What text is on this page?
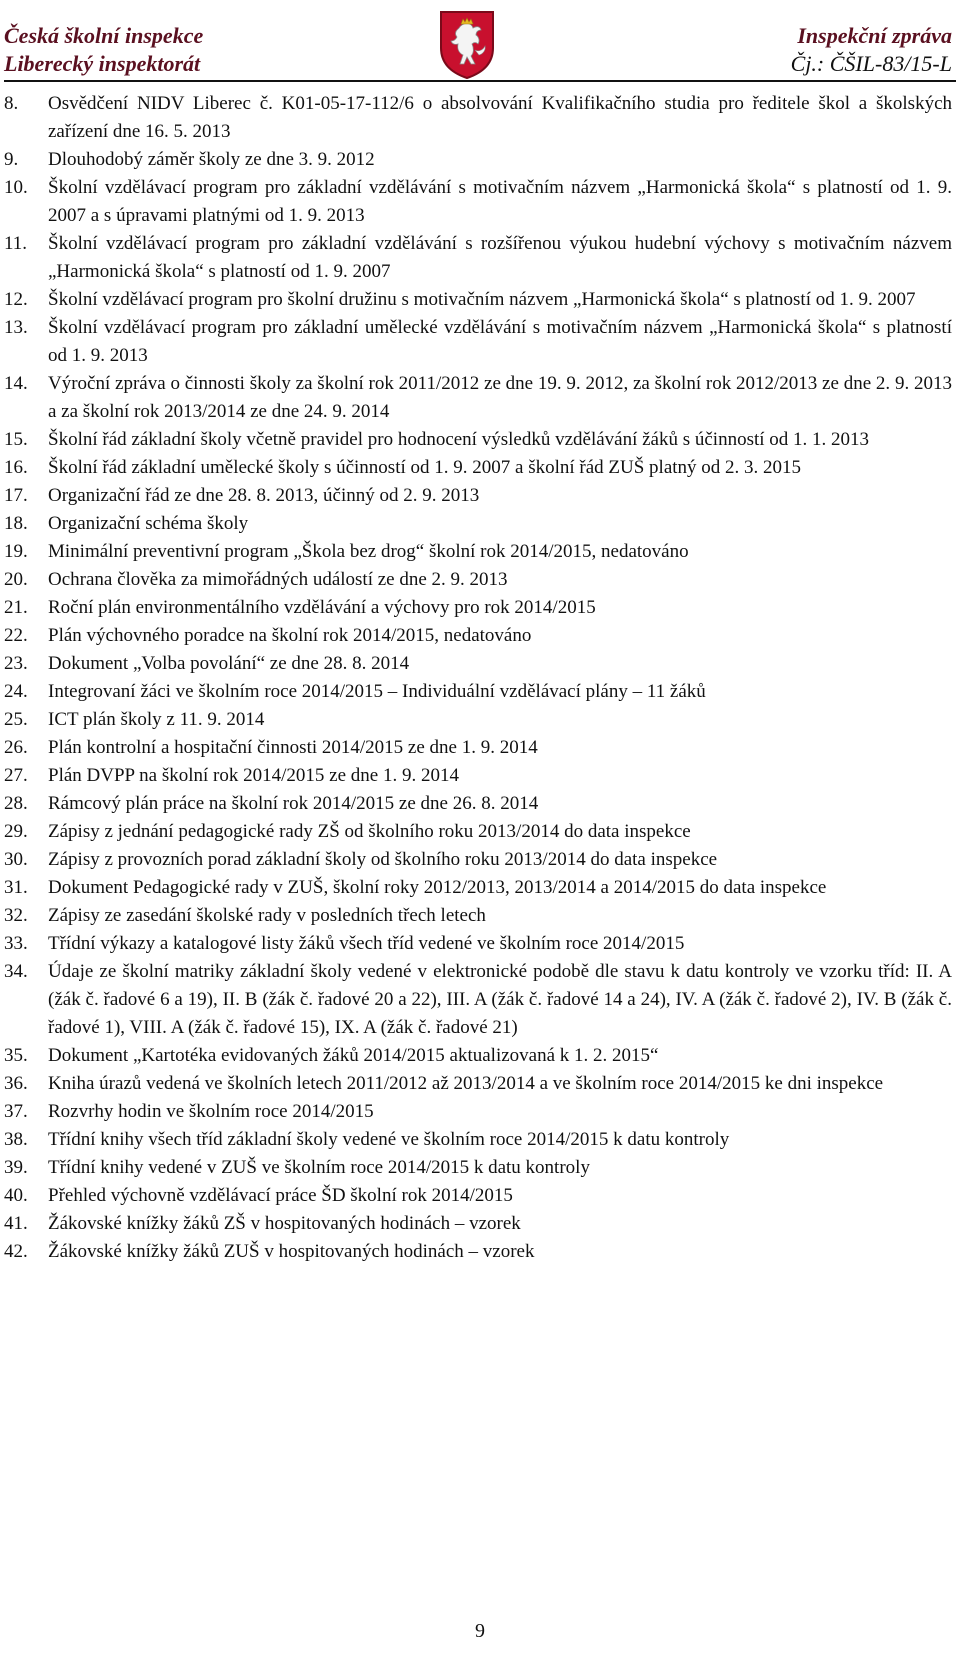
Česká školní inspekce
Liberecký inspektorát
Inspekční zpráva
Čj.: ČŠIL-83/15-L
8.	Osvědčení NIDV Liberec č. K01-05-17-112/6 o absolvování Kvalifikačního studia pro ředitele škol a školských zařízení dne 16. 5. 2013
9.	Dlouhodobý záměr školy ze dne 3. 9. 2012
10.	Školní vzdělávací program pro základní vzdělávání s motivačním názvem „Harmonická škola“ s platností od 1. 9. 2007 a s úpravami platnými od 1. 9. 2013
11.	Školní vzdělávací program pro základní vzdělávání s rozšířenou výukou hudební výchovy s motivačním názvem „Harmonická škola“ s platností od 1. 9. 2007
12.	Školní vzdělávací program pro školní družinu s motivačním názvem „Harmonická škola“ s platností od 1. 9. 2007
13.	Školní vzdělávací program pro základní umělecké vzdělávání s motivačním názvem „Harmonická škola“ s platností od 1. 9. 2013
14.	Výroční zpráva o činnosti školy za školní rok 2011/2012 ze dne 19. 9. 2012, za školní rok 2012/2013 ze dne 2. 9. 2013 a za školní rok 2013/2014 ze dne 24. 9. 2014
15.	Školní řád základní školy včetně pravidel pro hodnocení výsledků vzdělávání žáků s účinností od 1. 1. 2013
16.	Školní řád základní umělecké školy s účinností od 1. 9. 2007 a školní řád ZUŠ platný od 2. 3. 2015
17.	Organizační řád ze dne 28. 8. 2013, účinný od 2. 9. 2013
18.	Organizační schéma školy
19.	Minimální preventivní program „Škola bez drog“ školní rok 2014/2015, nedatováno
20.	Ochrana člověka za mimořádných událostí ze dne 2. 9. 2013
21.	Roční plán environmentálního vzdělávání a výchovy pro rok 2014/2015
22.	Plán výchovného poradce na školní rok 2014/2015, nedatováno
23.	Dokument „Volba povolání“ ze dne 28. 8. 2014
24.	Integrovaní žáci ve školním roce 2014/2015 – Individuální vzdělávací plány – 11 žáků
25.	ICT plán školy z 11. 9. 2014
26.	Plán kontrolní a hospitační činnosti 2014/2015 ze dne 1. 9. 2014
27.	Plán DVPP na školní rok 2014/2015 ze dne 1. 9. 2014
28.	Rámcový plán práce na školní rok 2014/2015 ze dne 26. 8. 2014
29.	Zápisy z jednání pedagogické rady ZŠ od školního roku 2013/2014 do data inspekce
30.	Zápisy z provozních porad základní školy od školního roku 2013/2014 do data inspekce
31.	Dokument Pedagogické rady v ZUŠ, školní roky 2012/2013, 2013/2014 a 2014/2015 do data inspekce
32.	Zápisy ze zasedání školské rady v posledních třech letech
33.	Třídní výkazy a katalogové listy žáků všech tříd vedené ve školním roce 2014/2015
34.	Údaje ze školní matriky základní školy vedené v elektronické podobě dle stavu k datu kontroly ve vzorku tříd: II. A (žák č. řadové 6 a 19), II. B (žák č. řadové 20 a 22), III. A (žák č. řadové 14 a 24), IV. A (žák č. řadové 2), IV. B (žák č. řadové 1), VIII. A (žák č. řadové 15), IX. A (žák č. řadové 21)
35.	Dokument „Kartotéka evidovaných žáků 2014/2015 aktualizovaná k 1. 2. 2015“
36.	Kniha úrazů vedená ve školních letech 2011/2012 až 2013/2014 a ve školním roce 2014/2015 ke dni inspekce
37.	Rozvrhy hodin ve školním roce 2014/2015
38.	Třídní knihy všech tříd základní školy vedené ve školním roce 2014/2015 k datu kontroly
39.	Třídní knihy vedené v ZUŠ ve školním roce 2014/2015 k datu kontroly
40.	Přehled výchovně vzdělávací práce ŠD školní rok 2014/2015
41.	Žákovské knížky žáků ZŠ v hospitovaných hodinách – vzorek
42.	Žákovské knížky žáků ZUŠ v hospitovaných hodinách – vzorek
9
